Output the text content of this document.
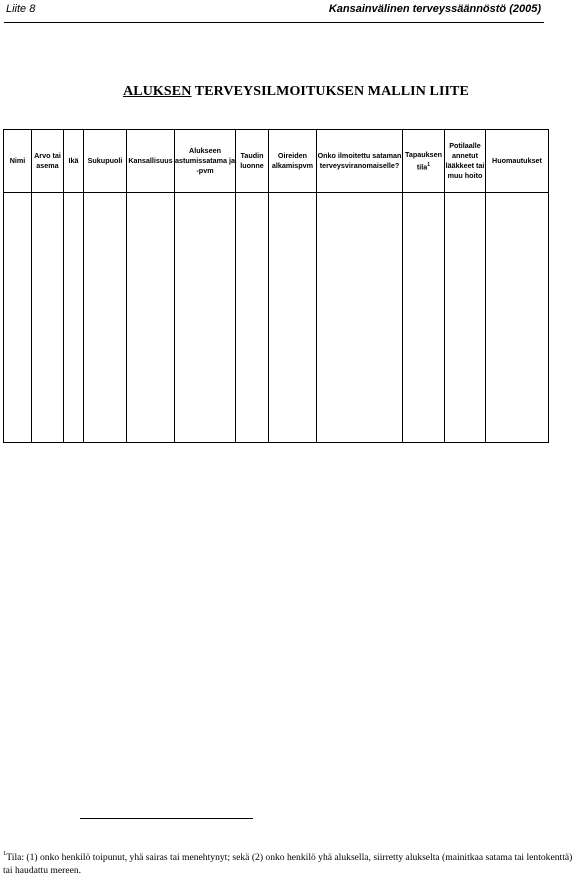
Liite 8	Kansainvälinen terveyssäännöstö (2005)
ALUKSEN TERVEYSILMOITUKSEN MALLIN LIITE
Nimi	Arvo tai asema	Ikä	Sukupuoli	Kansallisuus	Alukseen astumissatama ja -pvm	Taudin luonne	Oireiden alkamispvm	Onko ilmoitettu sataman terveysviranomaiselle?	Tapauksen tila$^1$	Potilaalle annetut lääkkeet tai muu hoito	Huomautukset

$^1$Tila: (1) onko henkilö toipunut, yhä sairas tai menehtynyt; sekä (2) onko henkilö yhä aluksella, siirretty alukselta (mainitkaa satama tai lentokenttä) tai haudattu mereen.
